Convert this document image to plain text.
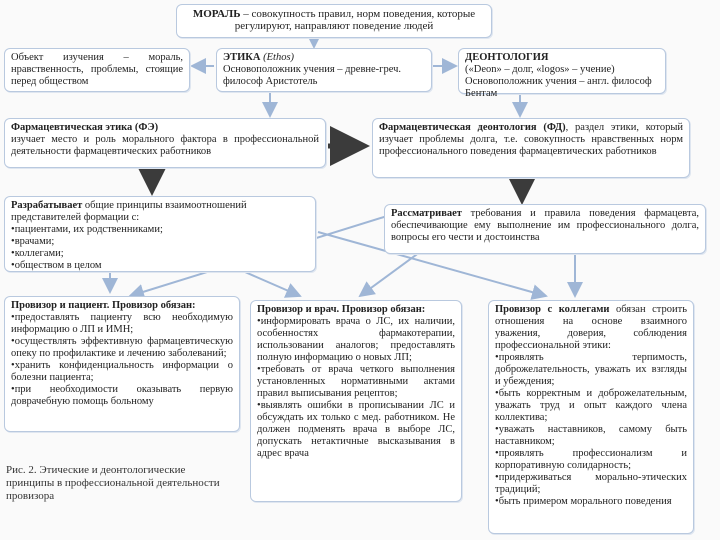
МОРАЛЬ – совокупность правил, норм поведения, которые регулируют, направляют поведение людей
Объект изучения – мораль, нравственность, проблемы, стоящие перед обществом
ЭТИКА (Ethos)
Основоположник учения – древне-греч. философ Аристотель
ДЕОНТОЛОГИЯ
(«Deon» – долг, «logos» – учение)
Основоположник учения – англ. философ Бентам
Фармацевтическая этика (ФЭ)
изучает место и роль морального фактора в профессиональной деятельности фармацевтических работников
Фармацевтическая деонтология (ФД), раздел этики, который изучает проблемы долга, т.е. совокупность нравственных норм профессионального поведения фармацевтических работников
Разрабатывает общие принципы взаимоотношений представителей формации с:
• пациентами, их родственниками;
• врачами;
• коллегами;
• обществом в целом
Рассматривает требования и правила поведения фармацевта, обеспечивающие ему выполнение им профессионального долга, вопросы его чести и достоинства
Провизор и пациент. Провизор обязан:
• предоставлять пациенту всю необходимую информацию о ЛП и ИМН;
• осуществлять эффективную фармацевтическую опеку по профилактике и лечению заболеваний;
• хранить конфиденциальность информации о болезни пациента;
• при необходимости оказывать первую доврачебную помощь больному
Провизор и врач. Провизор обязан:
• информировать врача о ЛС, их наличии, особенностях фармакотерапии, использовании аналогов; предоставлять полную информацию о новых ЛП;
• требовать от врача четкого выполнения установленных нормативными актами правил выписывания рецептов;
• выявлять ошибки в прописывании ЛС и обсуждать их только с мед. работником. Не должен подменять врача в выборе ЛС, допускать нетактичные высказывания в адрес врача
Провизор с коллегами обязан строить отношения на основе взаимного уважения, доверия, соблюдения профессиональной этики:
• проявлять терпимость, доброжелательность, уважать их взгляды и убеждения;
• быть корректным и доброжелательным, уважать труд и опыт каждого члена коллектива;
• уважать наставников, самому быть наставником;
• проявлять профессионализм и корпоративную солидарность;
• придерживаться морально-этических традиций;
• быть примером морального поведения
Рис. 2. Этические и деонтологические принципы в профессиональной деятельности провизора
